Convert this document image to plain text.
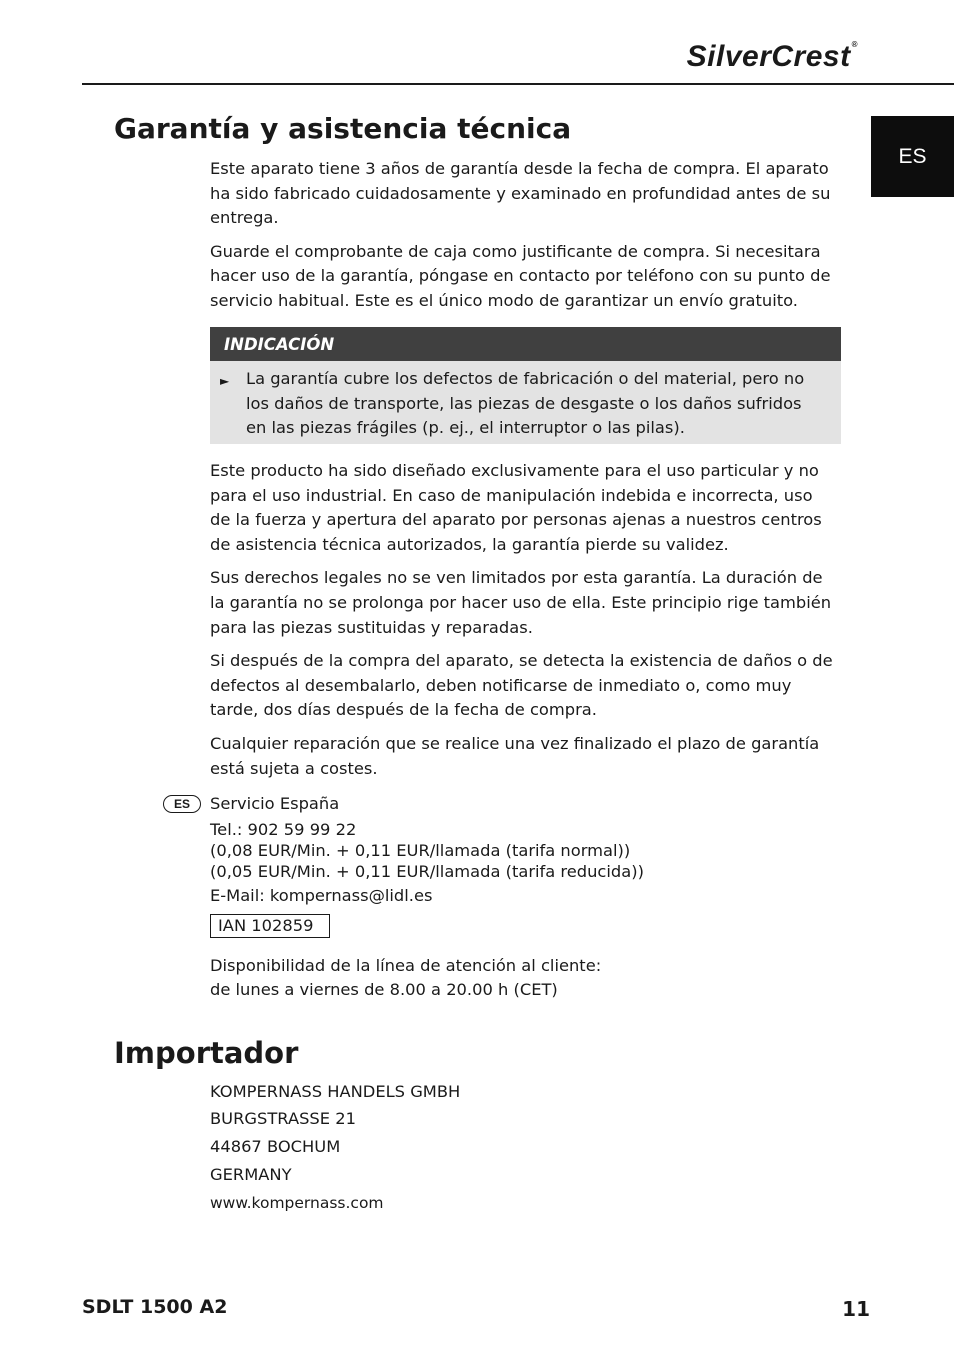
SilverCrest®
ES
Garantía y asistencia técnica

Este aparato tiene 3 años de garantía desde la fecha de compra. El aparato ha sido fabricado cuidadosamente y examinado en profundidad antes de su entrega.

Guarde el comprobante de caja como justificante de compra. Si necesitara hacer uso de la garantía, póngase en contacto por teléfono con su punto de servicio habitual. Este es el único modo de garantizar un envío gratuito.

INDICACIÓN
► La garantía cubre los defectos de fabricación o del material, pero no los daños de transporte, las piezas de desgaste o los daños sufridos en las piezas frágiles (p. ej., el interruptor o las pilas).

Este producto ha sido diseñado exclusivamente para el uso particular y no para el uso industrial. En caso de manipulación indebida e incorrecta, uso de la fuerza y apertura del aparato por personas ajenas a nuestros centros de asistencia técnica autorizados, la garantía pierde su validez.

Sus derechos legales no se ven limitados por esta garantía. La duración de la garantía no se prolonga por hacer uso de ella. Este principio rige también para las piezas sustituidas y reparadas.

Si después de la compra del aparato, se detecta la existencia de daños o de defectos al desembalarlo, deben notificarse de inmediato o, como muy tarde, dos días después de la fecha de compra.

Cualquier reparación que se realice una vez finalizado el plazo de garantía está sujeta a costes.

ES	Servicio España
Tel.: 902 59 99 22
(0,08 EUR/Min. + 0,11 EUR/llamada (tarifa normal))
(0,05 EUR/Min. + 0,11 EUR/llamada (tarifa reducida))
E-Mail: kompernass@lidl.es
IAN 102859
Disponibilidad de la línea de atención al cliente:
de lunes a viernes de 8.00 a 20.00 h (CET)
Importador
KOMPERNASS HANDELS GMBH
BURGSTRASSE 21
44867 BOCHUM
GERMANY
www.kompernass.com
SDLT 1500 A2	11
